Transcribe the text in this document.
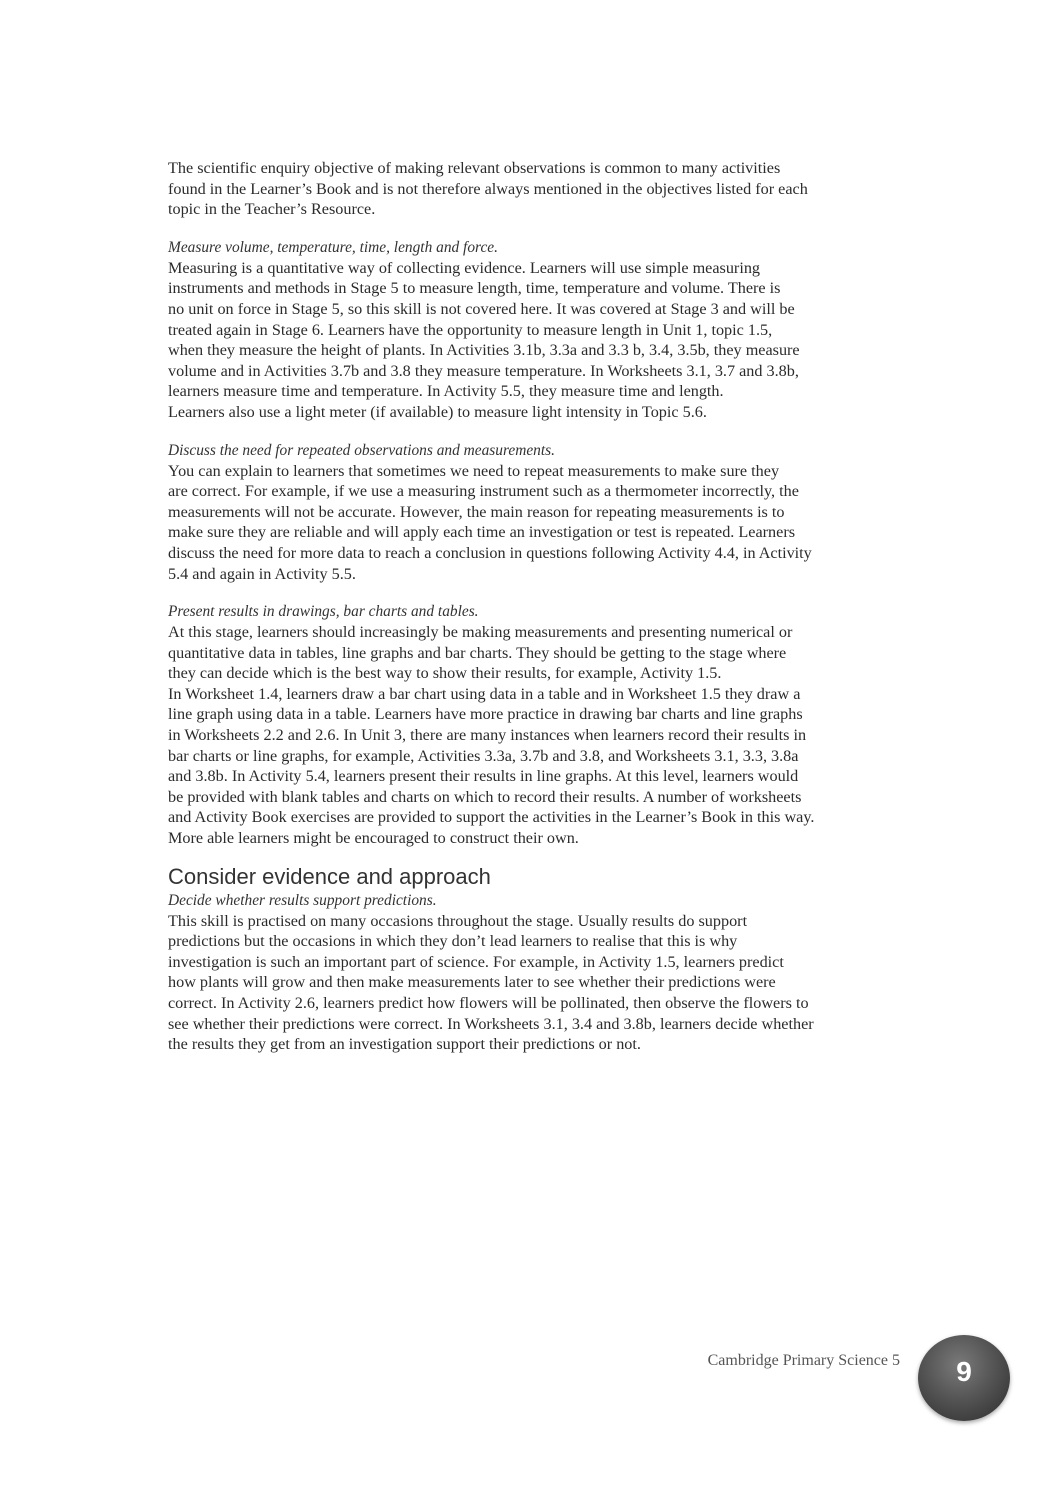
The scientific enquiry objective of making relevant observations is common to many activities
found in the Learner’s Book and is not therefore always mentioned in the objectives listed for each
topic in the Teacher’s Resource.

Measure volume, temperature, time, length and force.

Measuring is a quantitative way of collecting evidence. Learners will use simple measuring
instruments and methods in Stage 5 to measure length, time, temperature and volume. There is
no unit on force in Stage 5, so this skill is not covered here. It was covered at Stage 3 and will be
treated again in Stage 6. Learners have the opportunity to measure length in Unit 1, topic 1.5,
when they measure the height of plants. In Activities 3.1b, 3.3a and 3.3 b, 3.4, 3.5b, they measure
volume and in Activities 3.7b and 3.8 they measure temperature. In Worksheets 3.1, 3.7 and 3.8b,
learners measure time and temperature. In Activity 5.5, they measure time and length.
Learners also use a light meter (if available) to measure light intensity in Topic 5.6.

Discuss the need for repeated observations and measurements.

You can explain to learners that sometimes we need to repeat measurements to make sure they
are correct. For example, if we use a measuring instrument such as a thermometer incorrectly, the
measurements will not be accurate. However, the main reason for repeating measurements is to
make sure they are reliable and will apply each time an investigation or test is repeated. Learners
discuss the need for more data to reach a conclusion in questions following Activity 4.4, in Activity
5.4 and again in Activity 5.5.

Present results in drawings, bar charts and tables.

At this stage, learners should increasingly be making measurements and presenting numerical or
quantitative data in tables, line graphs and bar charts. They should be getting to the stage where
they can decide which is the best way to show their results, for example, Activity 1.5.
In Worksheet 1.4, learners draw a bar chart using data in a table and in Worksheet 1.5 they draw a
line graph using data in a table. Learners have more practice in drawing bar charts and line graphs
in Worksheets 2.2 and 2.6. In Unit 3, there are many instances when learners record their results in
bar charts or line graphs, for example, Activities 3.3a, 3.7b and 3.8, and Worksheets 3.1, 3.3, 3.8a
and 3.8b. In Activity 5.4, learners present their results in line graphs. At this level, learners would
be provided with blank tables and charts on which to record their results. A number of worksheets
and Activity Book exercises are provided to support the activities in the Learner’s Book in this way.
More able learners might be encouraged to construct their own.

Consider evidence and approach
Decide whether results support predictions.

This skill is practised on many occasions throughout the stage. Usually results do support
predictions but the occasions in which they don’t lead learners to realise that this is why
investigation is such an important part of science. For example, in Activity 1.5, learners predict
how plants will grow and then make measurements later to see whether their predictions were
correct. In Activity 2.6, learners predict how flowers will be pollinated, then observe the flowers to
see whether their predictions were correct. In Worksheets 3.1, 3.4 and 3.8b, learners decide whether
the results they get from an investigation support their predictions or not.

Cambridge Primary Science 5 9
